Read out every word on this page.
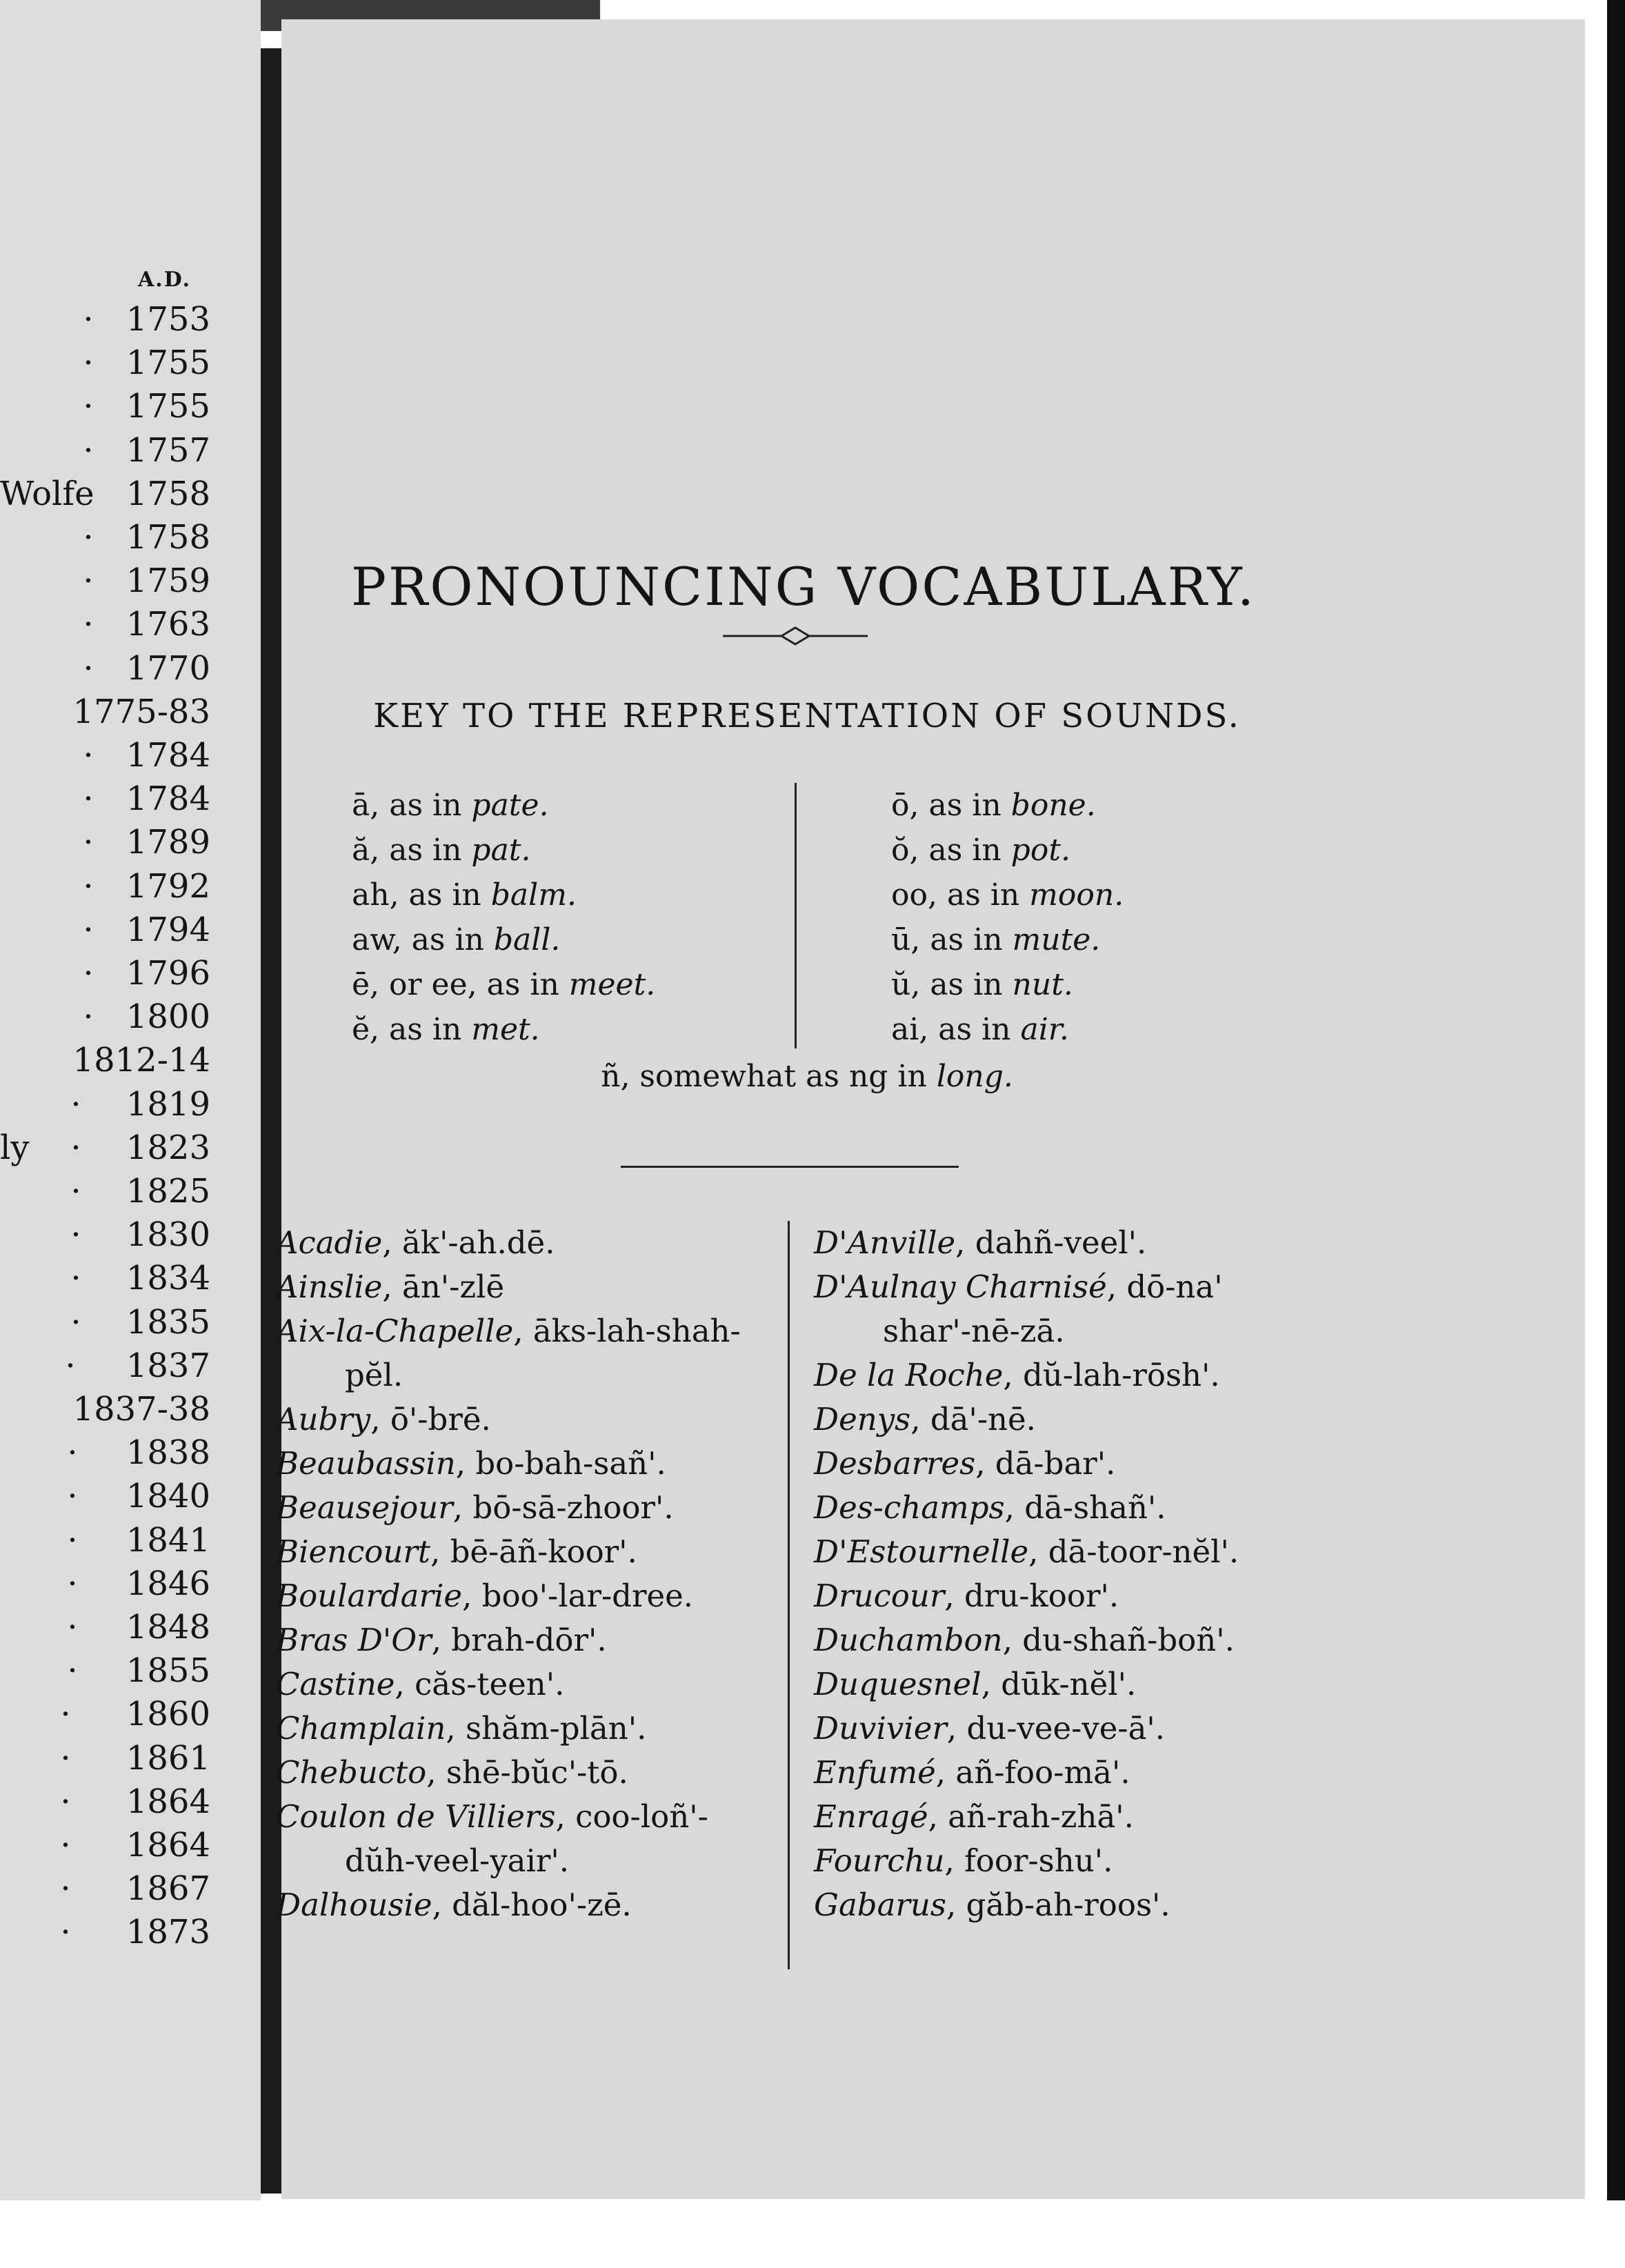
A.D.
· 1753
· 1755
· 1755
· 1757
Wolfe 1758
· 1758
· 1759
· 1763
· 1770
1775-83
· 1784
· 1784
· 1789
· 1792
· 1794
· 1796
· 1800
1812-14
· 1819
ly	· 1823
· 1825
· 1830
· 1834
· 1835
· 1837
1837-38
· 1838
· 1840
· 1841
· 1846
· 1848
· 1855
· 1860
· 1861
· 1864
· 1864
· 1867
· 1873
PRONOUNCING VOCABULARY.
KEY TO THE REPRESENTATION OF SOUNDS.
ā, as in pate.
ă, as in pat.
ah, as in balm.
aw, as in ball.
ē, or ee, as in meet.
ĕ, as in met.
ō, as in bone.
ŏ, as in pot.
oo, as in moon.
ū, as in mute.
ŭ, as in nut.
ai, as in air.
ñ, somewhat as ng in long.
Acadie, ăk'-ah.dē.
Ainslie, ān'-zlē
Aix-la-Chapelle, āks-lah-shah-pĕl.
Aubry, ō'-brē.
Beaubassin, bo-bah-sañ'.
Beausejour, bō-sā-zhoor'.
Biencourt, bē-āñ-koor'.
Boulardarie, boo'-lar-dree.
Bras D'Or, brah-dōr'.
Castine, căs-teen'.
Champlain, shăm-plān'.
Chebucto, shē-bŭc'-tō.
Coulon de Villiers, coo-loñ'-dŭh-veel-yair'.
Dalhousie, dăl-hoo'-zē.
D'Anville, dahñ-veel'.
D'Aulnay Charnisé, dō-na' shar'-nē-zā.
De la Roche, dŭ-lah-rōsh'.
Denys, dā'-nē.
Desbarres, dā-bar'.
Des-champs, dā-shañ'.
D'Estournelle, dā-toor-nĕl'.
Drucour, dru-koor'.
Duchambon, du-shañ-boñ'.
Duquesnel, dūk-nĕl'.
Duvivier, du-vee-ve-ā'.
Enfumé, añ-foo-mā'.
Enragé, añ-rah-zhā'.
Fourchu, foor-shu'.
Gabarus, găb-ah-roos'.
